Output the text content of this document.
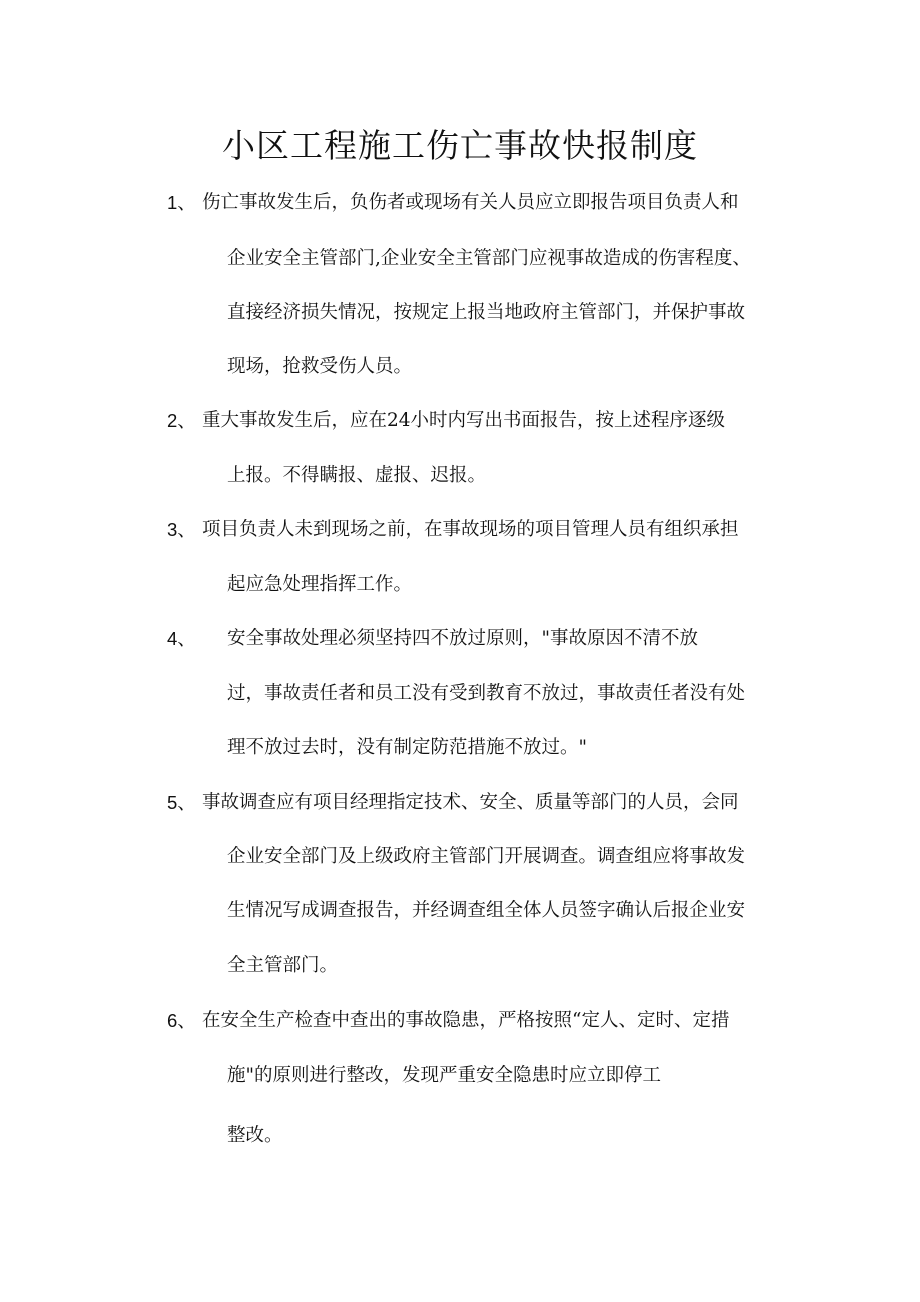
小区工程施工伤亡事故快报制度
1、 伤亡事故发生后，负伤者或现场有关人员应立即报告项目负责人和
企业安全主管部门,企业安全主管部门应视事故造成的伤害程度、
直接经济损失情况，按规定上报当地政府主管部门，并保护事故
现场，抢救受伤人员。
2、 重大事故发生后，应在24小时内写出书面报告，按上述程序逐级
上报。不得瞒报、虚报、迟报。
3、 项目负责人未到现场之前，在事故现场的项目管理人员有组织承担
起应急处理指挥工作。
4、 安全事故处理必须坚持四不放过原则，"事故原因不清不放
过，事故责任者和员工没有受到教育不放过，事故责任者没有处
理不放过去时，没有制定防范措施不放过。"
5、 事故调查应有项目经理指定技术、安全、质量等部门的人员，会同
企业安全部门及上级政府主管部门开展调查。调查组应将事故发
生情况写成调查报告，并经调查组全体人员签字确认后报企业安
全主管部门。
6、 在安全生产检查中查出的事故隐患，严格按照“定人、定时、定措
施"的原则进行整改，发现严重安全隐患时应立即停工
整改。
